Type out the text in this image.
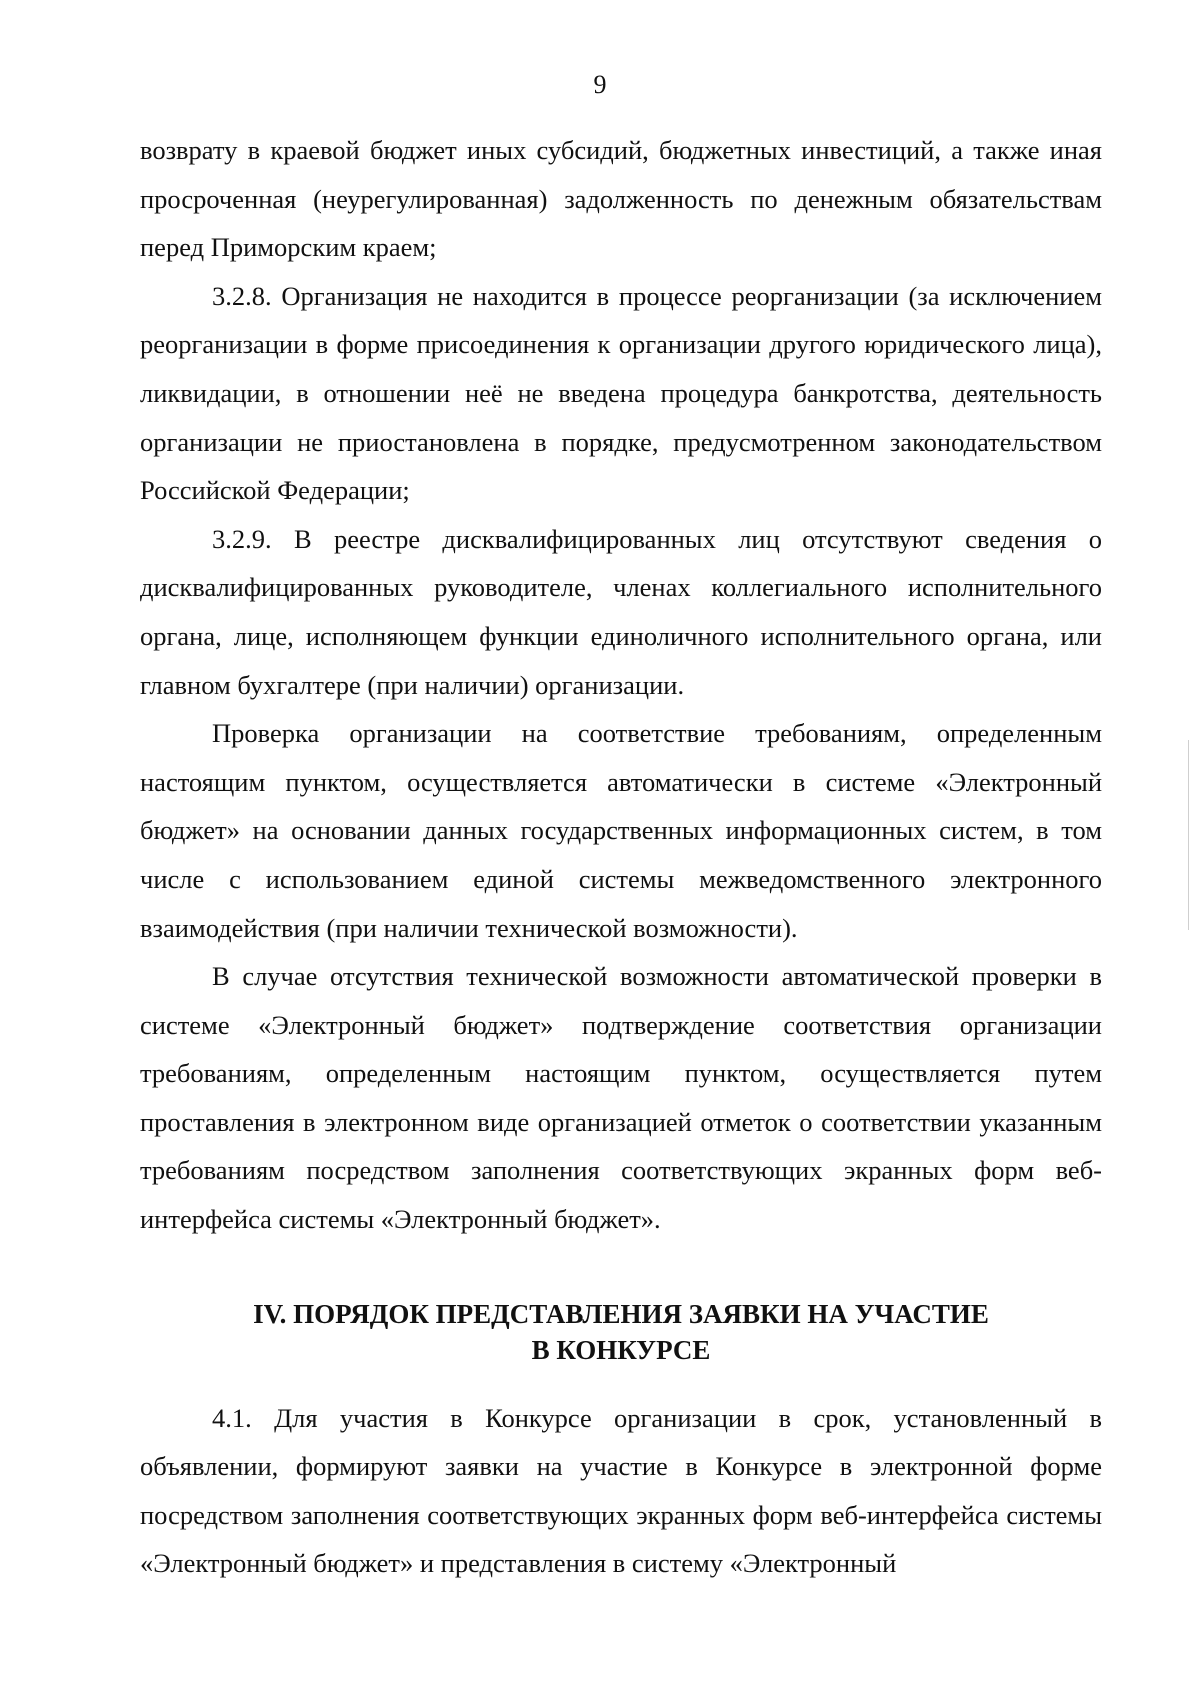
9

возврату в краевой бюджет иных субсидий, бюджетных инвестиций, а также иная просроченная (неурегулированная) задолженность по денежным обязательствам перед Приморским краем;

3.2.8. Организация не находится в процессе реорганизации (за исключением реорганизации в форме присоединения к организации другого юридического лица), ликвидации, в отношении неё не введена процедура банкротства, деятельность организации не приостановлена в порядке, предусмотренном законодательством Российской Федерации;

3.2.9. В реестре дисквалифицированных лиц отсутствуют сведения о дисквалифицированных руководителе, членах коллегиального исполнительного органа, лице, исполняющем функции единоличного исполнительного органа, или главном бухгалтере (при наличии) организации.

Проверка организации на соответствие требованиям, определенным настоящим пунктом, осуществляется автоматически в системе «Электронный бюджет» на основании данных государственных информационных систем, в том числе с использованием единой системы межведомственного электронного взаимодействия (при наличии технической возможности).

В случае отсутствия технической возможности автоматической проверки в системе «Электронный бюджет» подтверждение соответствия организации требованиям, определенным настоящим пунктом, осуществляется путем проставления в электронном виде организацией отметок о соответствии указанным требованиям посредством заполнения соответствующих экранных форм веб-интерфейса системы «Электронный бюджет».

IV. ПОРЯДОК ПРЕДСТАВЛЕНИЯ ЗАЯВКИ НА УЧАСТИЕ
В КОНКУРСЕ

4.1. Для участия в Конкурсе организации в срок, установленный в объявлении, формируют заявки на участие в Конкурсе в электронной форме посредством заполнения соответствующих экранных форм веб-интерфейса системы «Электронный бюджет» и представления в систему «Электронный
